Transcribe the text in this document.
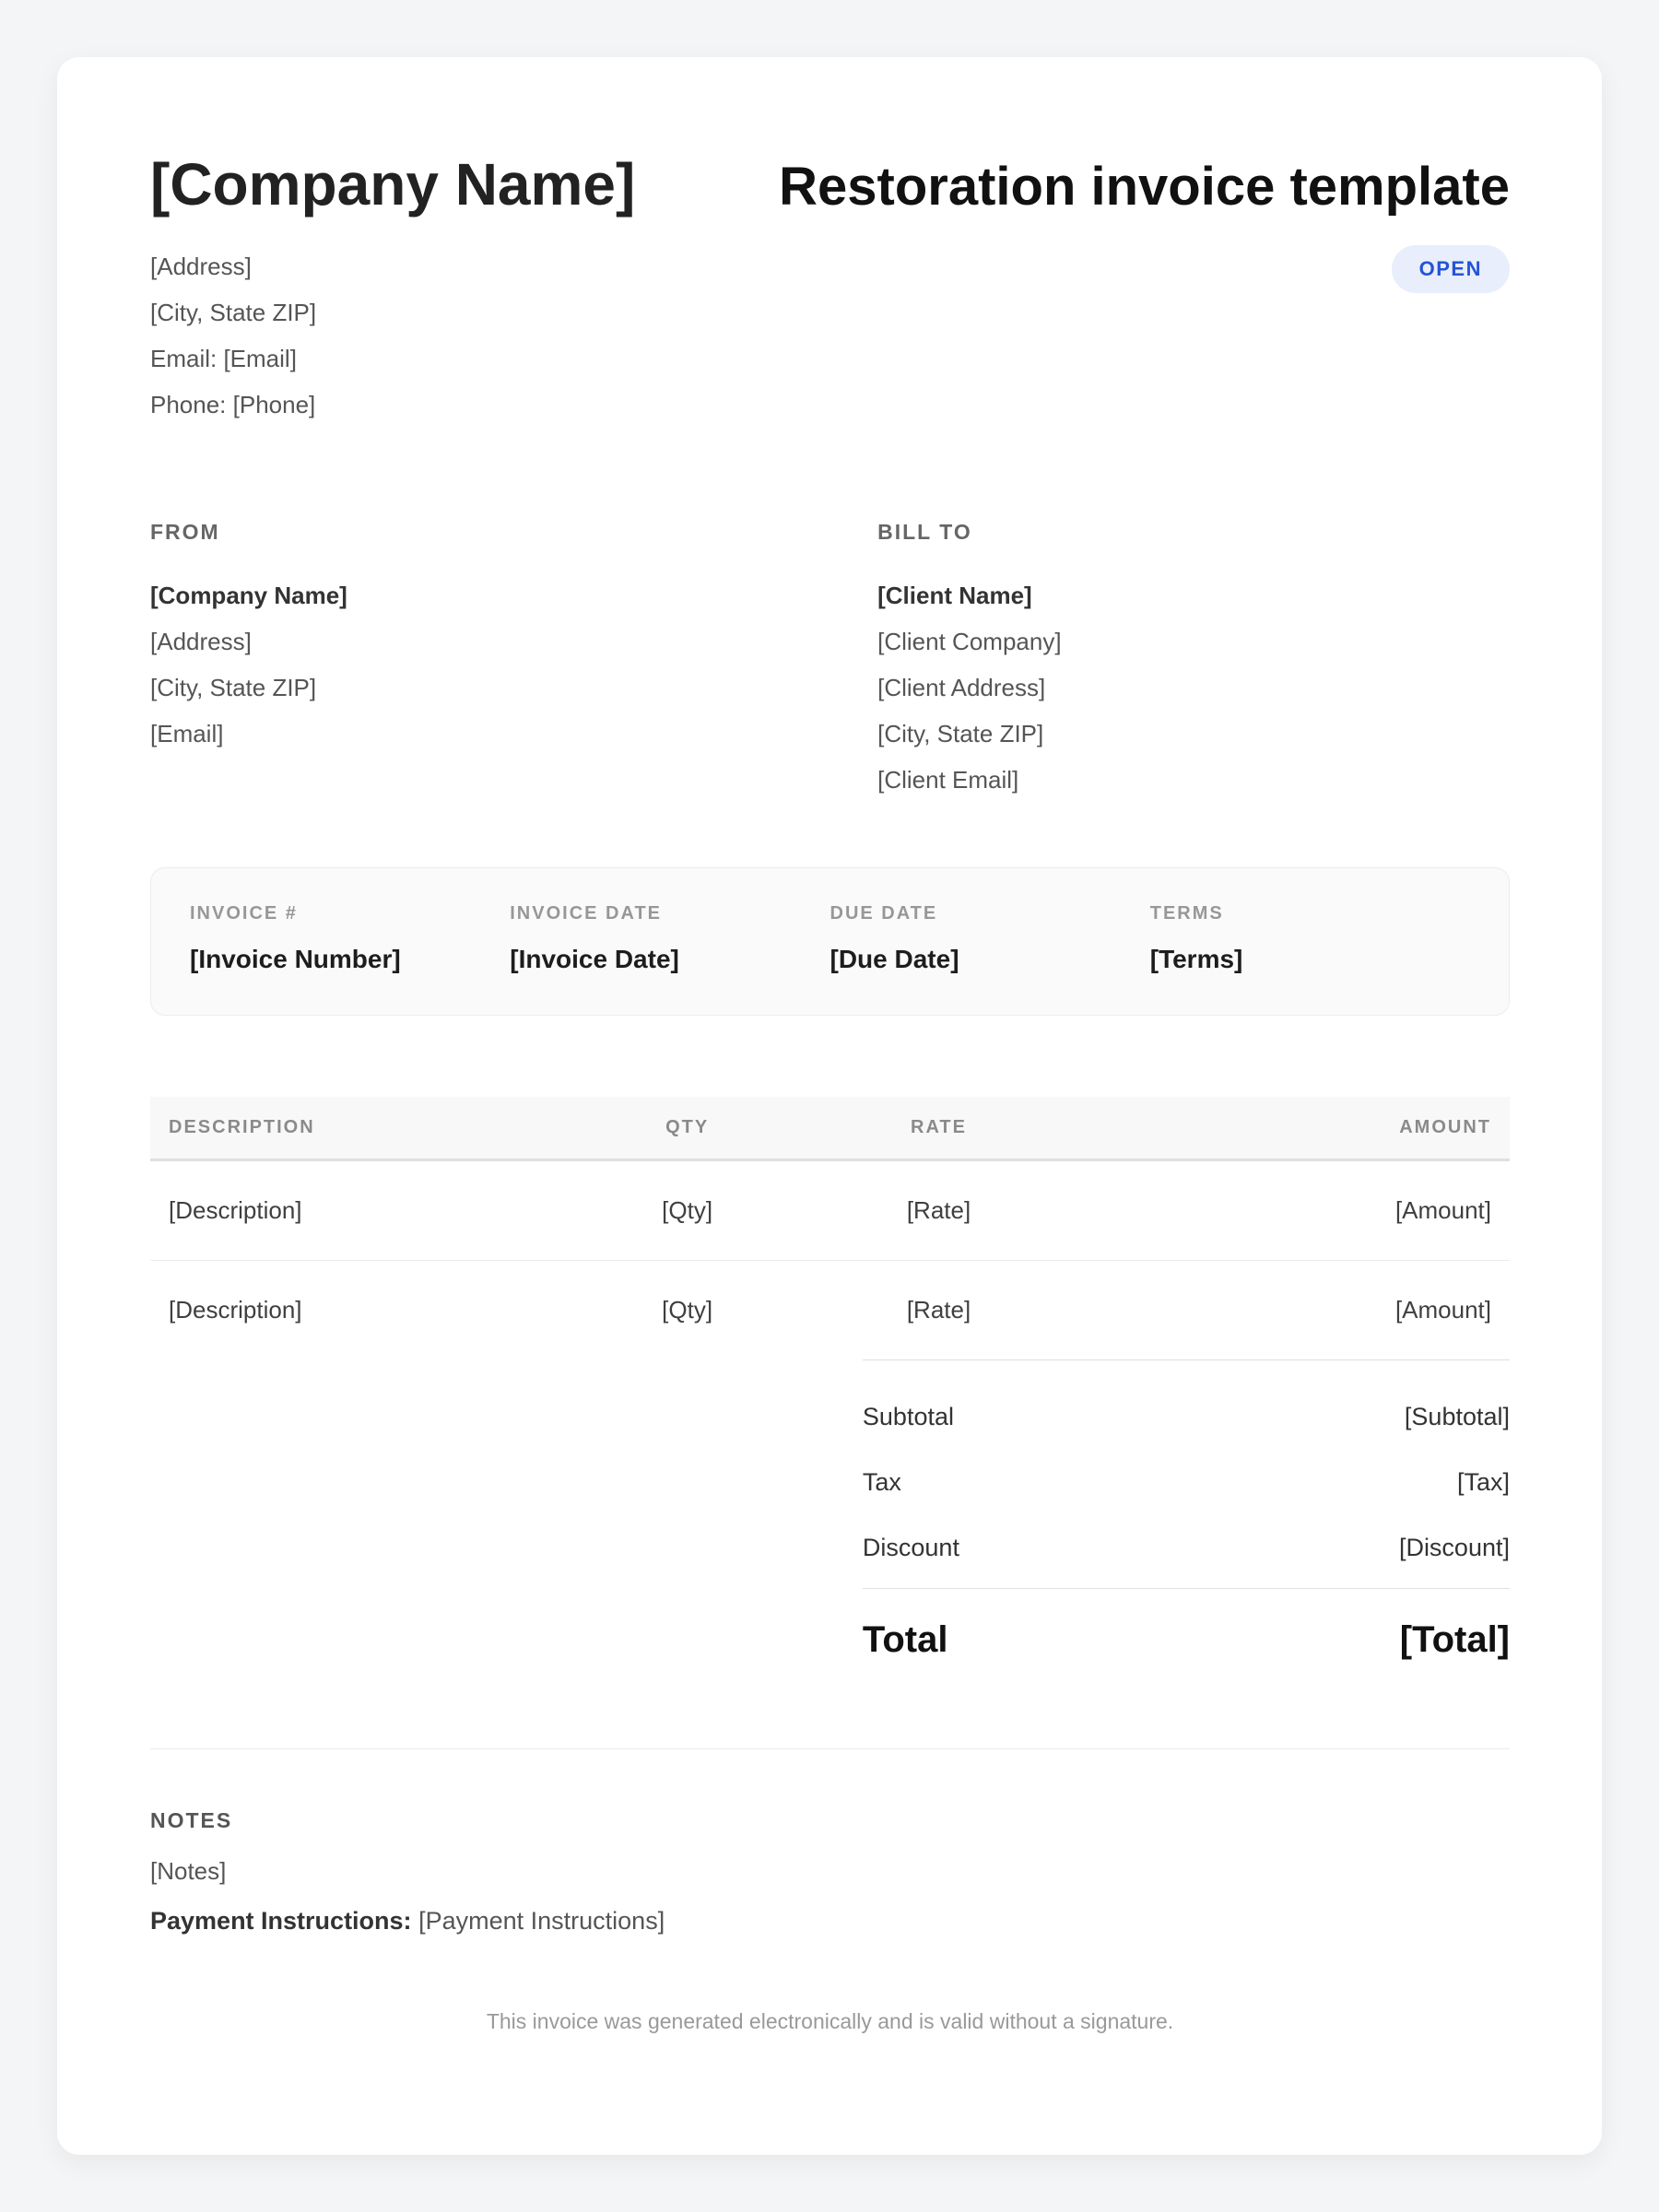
[Company Name]
[Address]
[City, State ZIP]
Email: [Email]
Phone: [Phone]
Restoration invoice template
OPEN
FROM
[Company Name]
[Address]
[City, State ZIP]
[Email]
BILL TO
[Client Name]
[Client Company]
[Client Address]
[City, State ZIP]
[Client Email]
INVOICE #
[Invoice Number]
INVOICE DATE
[Invoice Date]
DUE DATE
[Due Date]
TERMS
[Terms]
DESCRIPTION	QTY	RATE	AMOUNT
[Description]	[Qty]	[Rate]	[Amount]
[Description]	[Qty]	[Rate]	[Amount]
Subtotal	[Subtotal]
Tax	[Tax]
Discount	[Discount]
Total	[Total]
NOTES
[Notes]
Payment Instructions: [Payment Instructions]
This invoice was generated electronically and is valid without a signature.
